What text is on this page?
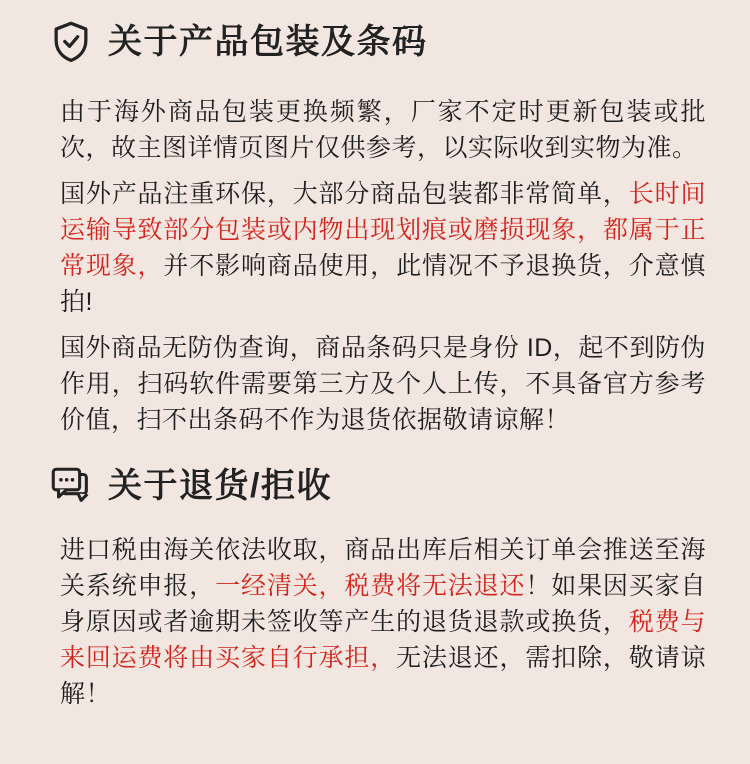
关于产品包装及条码

由于海外商品包装更换频繁，厂家不定时更新包装或批次，故主图详情页图片仅供参考，以实际收到实物为准。

国外产品注重环保，大部分商品包装都非常简单，长时间运输导致部分包装或内物出现划痕或磨损现象，都属于正常现象，并不影响商品使用，此情况不予退换货，介意慎拍!

国外商品无防伪查询，商品条码只是身份 ID，起不到防伪作用，扫码软件需要第三方及个人上传，不具备官方参考价值，扫不出条码不作为退货依据敬请谅解！

关于退货/拒收

进口税由海关依法收取，商品出库后相关订单会推送至海关系统申报，一经清关，税费将无法退还！如果因买家自身原因或者逾期未签收等产生的退货退款或换货，税费与来回运费将由买家自行承担，无法退还，需扣除，敬请谅解！
